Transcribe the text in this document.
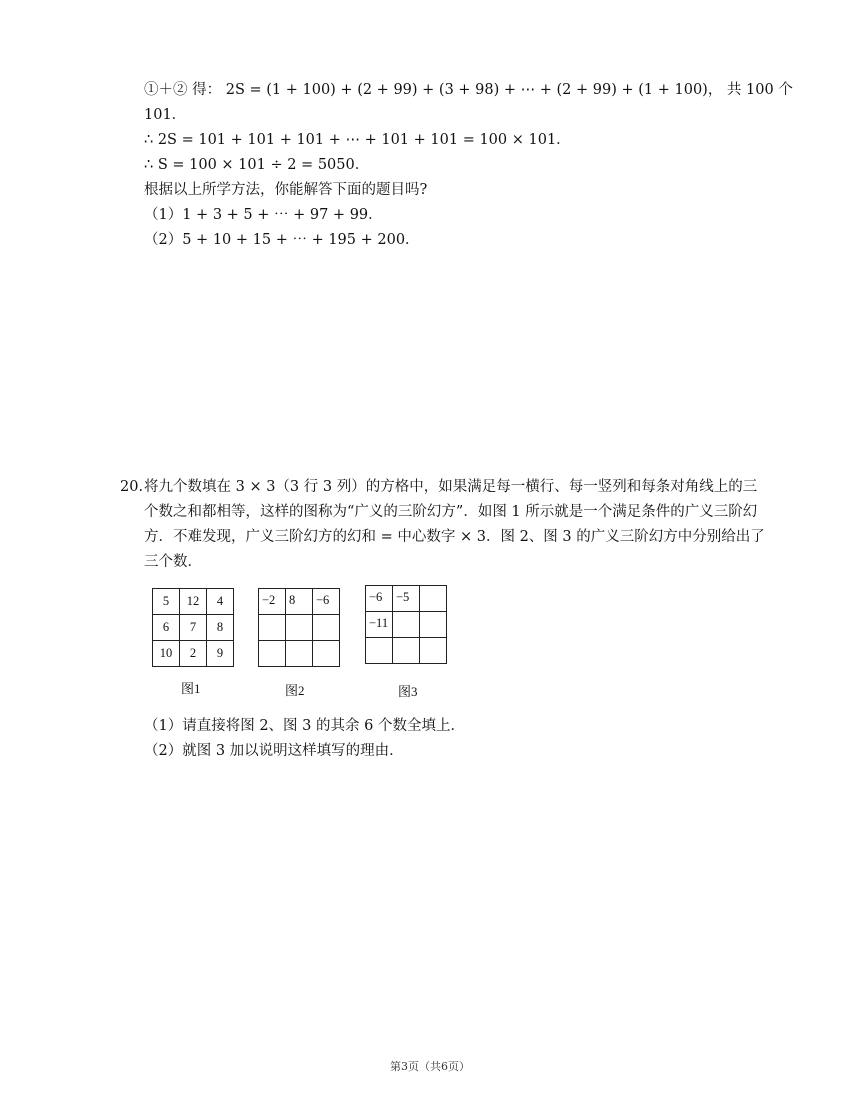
①＋② 得： 2S = (1 + 100) + (2 + 99) + (3 + 98) + ⋯ + (2 + 99) + (1 + 100)， 共 100 个
101．
∴ 2S = 101 + 101 + 101 + ⋯ + 101 + 101 = 100 × 101．
∴ S = 100 × 101 ÷ 2 = 5050．
根据以上所学方法，你能解答下面的题目吗?
（1）1 + 3 + 5 + ⋯ + 97 + 99．
（2）5 + 10 + 15 + ⋯ + 195 + 200．
20. 将九个数填在 3 × 3（3 行 3 列）的方格中，如果满足每一横行、每一竖列和每条对角线上的三
个数之和都相等，这样的图称为“广义的三阶幻方”．如图 1 所示就是一个满足条件的广义三阶幻
方．不难发现，广义三阶幻方的幻和 = 中心数字 × 3．图 2、图 3 的广义三阶幻方中分别给出了
三个数．
5	12	4
6	7	8
10	2	9
图1
−2	8	−6

图2
−6	−5	
−11		

图3
（1）请直接将图 2、图 3 的其余 6 个数全填上．
（2）就图 3 加以说明这样填写的理由．
第3页（共6页）
